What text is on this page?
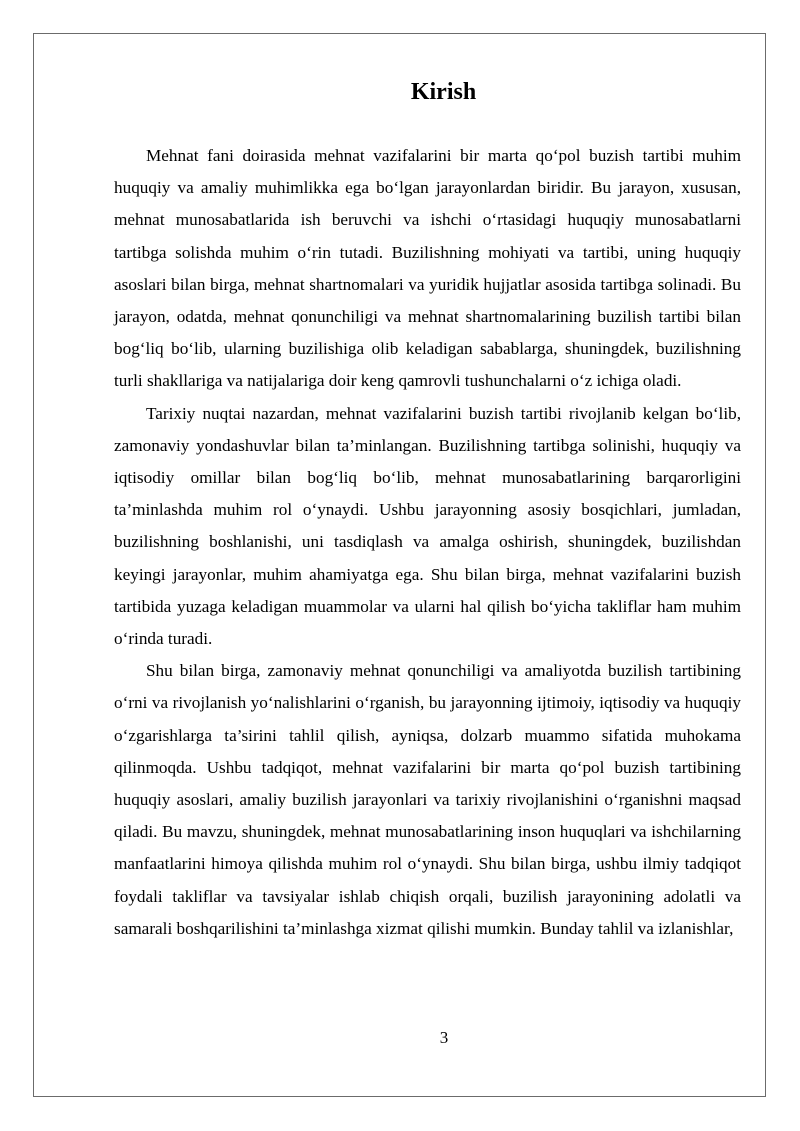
Kirish

Mehnat fani doirasida mehnat vazifalarini bir marta qo‘pol buzish tartibi muhim huquqiy va amaliy muhimlikka ega bo‘lgan jarayonlardan biridir. Bu jarayon, xususan, mehnat munosabatlarida ish beruvchi va ishchi o‘rtasidagi huquqiy munosabatlarni tartibga solishda muhim o‘rin tutadi. Buzilishning mohiyati va tartibi, uning huquqiy asoslari bilan birga, mehnat shartnomalari va yuridik hujjatlar asosida tartibga solinadi. Bu jarayon, odatda, mehnat qonunchiligi va mehnat shartnomalarining buzilish tartibi bilan bog‘liq bo‘lib, ularning buzilishiga olib keladigan sabablarga, shuningdek, buzilishning turli shakllariga va natijalariga doir keng qamrovli tushunchalarni o‘z ichiga oladi.

Tarixiy nuqtai nazardan, mehnat vazifalarini buzish tartibi rivojlanib kelgan bo‘lib, zamonaviy yondashuvlar bilan ta’minlangan. Buzilishning tartibga solinishi, huquqiy va iqtisodiy omillar bilan bog‘liq bo‘lib, mehnat munosabatlarining barqarorligini ta’minlashda muhim rol o‘ynaydi. Ushbu jarayonning asosiy bosqichlari, jumladan, buzilishning boshlanishi, uni tasdiqlash va amalga oshirish, shuningdek, buzilishdan keyingi jarayonlar, muhim ahamiyatga ega. Shu bilan birga, mehnat vazifalarini buzish tartibida yuzaga keladigan muammolar va ularni hal qilish bo‘yicha takliflar ham muhim o‘rinda turadi.

Shu bilan birga, zamonaviy mehnat qonunchiligi va amaliyotda buzilish tartibining o‘rni va rivojlanish yo‘nalishlarini o‘rganish, bu jarayonning ijtimoiy, iqtisodiy va huquqiy o‘zgarishlarga ta’sirini tahlil qilish, ayniqsa, dolzarb muammo sifatida muhokama qilinmoqda. Ushbu tadqiqot, mehnat vazifalarini bir marta qo‘pol buzish tartibining huquqiy asoslari, amaliy buzilish jarayonlari va tarixiy rivojlanishini o‘rganishni maqsad qiladi. Bu mavzu, shuningdek, mehnat munosabatlarining inson huquqlari va ishchilarning manfaatlarini himoya qilishda muhim rol o‘ynaydi. Shu bilan birga, ushbu ilmiy tadqiqot foydali takliflar va tavsiyalar ishlab chiqish orqali, buzilish jarayonining adolatli va samarali boshqarilishini ta’minlashga xizmat qilishi mumkin. Bunday tahlil va izlanishlar,

3
